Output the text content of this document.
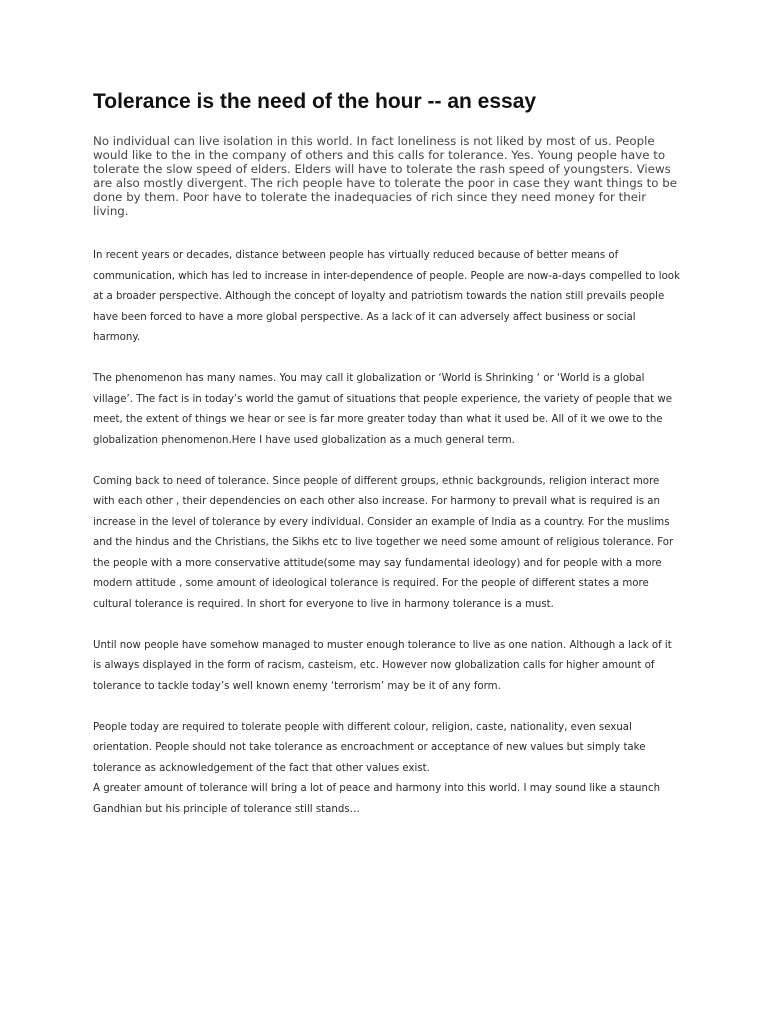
Tolerance is the need of the hour -- an essay

No individual can live isolation in this world. In fact loneliness is not liked by most of us. People would like to the in the company of others and this calls for tolerance. Yes. Young people have to tolerate the slow speed of elders. Elders will have to tolerate the rash speed of youngsters. Views are also mostly divergent. The rich people have to tolerate the poor in case they want things to be done by them. Poor have to tolerate the inadequacies of rich since they need money for their living.

In recent years or decades, distance between people has virtually reduced because of better means of communication, which has led to increase in inter-dependence of people. People are now-a-days compelled to look at a broader perspective. Although the concept of loyalty and patriotism towards the nation still prevails people have been forced to have a more global perspective. As a lack of it can adversely affect business or social harmony.

The phenomenon has many names. You may call it globalization or ‘World is Shrinking ‘ or ‘World is a global village’. The fact is in today’s world the gamut of situations that people experience, the variety of people that we meet, the extent of things we hear or see is far more greater today than what it used be. All of it we owe to the globalization phenomenon.Here I have used globalization as a much general term.

Coming back to need of tolerance. Since people of different groups, ethnic backgrounds, religion interact more with each other , their dependencies on each other also increase. For harmony to prevail what is required is an increase in the level of tolerance by every individual. Consider an example of India as a country. For the muslims and the hindus and the Christians, the Sikhs etc to live together we need some amount of religious tolerance. For the people with a more conservative attitude(some may say fundamental ideology) and for people with a more modern attitude , some amount of ideological tolerance is required. For the people of different states a more cultural tolerance is required. In short for everyone to live in harmony tolerance is a must.

Until now people have somehow managed to muster enough tolerance to live as one nation. Although a lack of it is always displayed in the form of racism, casteism, etc. However now globalization calls for higher amount of tolerance to tackle today’s well known enemy ‘terrorism’ may be it of any form.

People today are required to tolerate people with different colour, religion, caste, nationality, even sexual orientation. People should not take tolerance as encroachment or acceptance of new values but simply take tolerance as acknowledgement of the fact that other values exist.

A greater amount of tolerance will bring a lot of peace and harmony into this world. I may sound like a staunch Gandhian but his principle of tolerance still stands…
